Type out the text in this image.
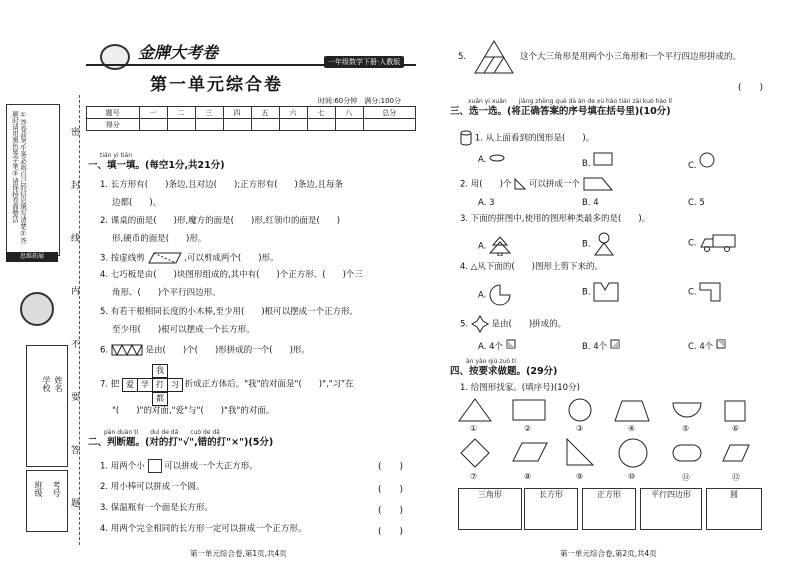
①答卷前考生务必将自己的信息填写清楚②答题时请用黑色签字笔③请保持卷面整洁
思维拓展
学校 姓名
班级 考号
密
封
线
内
不
要
答
题
金牌大考卷	一年级数学下册·人教版
第一单元综合卷
时间:60分钟　满分:100分
题号	一	二	三	四	五	六	七	八	总分
得分									
tián yi tián
一、填一填。(每空1分,共21分)
1. 长方形有(　　)条边,且对边(　　);正方形有(　　)条边,且每条
边都(　　)。
2. 课桌的面是(　　)形,魔方的面是(　　)形,红领巾的面是(　　)
形,硬币的面是(　　)形。
3. 按虚线剪	,可以剪成两个(　　)形。
4. 七巧板是由(　　)块图形组成的,其中有(　　)个正方形、(　　)个三
角形、(　　)个平行四边形。
5. 有若干根相同长度的小木棒,至少用(　　)根可以摆成一个正方形,
至少用(　　)根可以摆成一个长方形。
6.	是由(　　)个(　　)形拼成的一个(　　)形。
7. 把 爱 学 打 习
我
都
折成正方体后。"我"的对面是"(　　)","习"在
"(　　)"的对面,"爱"与"(　　)"我"的对面。
pàn duàn tí　　duì de dǎ　　cuò de dǎ
二、判断题。(对的打"√",错的打"×")(5分)
1. 用两个小 可以拼成一个大正方形。	(　　)
2. 用小棒可以拼成一个圆。	(　　)
3. 保温瓶有一个面是长方形。	(　　)
4. 用两个完全相同的长方形一定可以拼成一个正方形。	(　　)
第一单元综合卷,第1页,共4页	第一单元综合卷,第2页,共4页
5.	这个大三角形是用两个小三角形和一个平行四边形拼成的。
(　　)
xuǎn yi xuǎn　　jiāng zhèng què dá àn de xù hào tián zài kuò hào lǐ
三、选一选。(将正确答案的序号填在括号里)(10分)
1. 从上面看到的图形是(　　)。
A.	B.	C.
2. 用(　　)个 可以拼成一个
A. 3	B. 4	C. 5
3. 下面的拼图中,使用的图形种类最多的是(　　)。
A.	B.	C.
4. △从下面的(　　)图形上剪下来的。
A.	B.	C.
5.	是由(　　)拼成的。
A. 4个	B. 4个	C. 4个
àn yāo qiú zuò tí
四、按要求做题。(29分)
1. 给图形找家。(填序号)(10分)
①	②	③	④	⑤	⑥
⑦	⑧	⑨	⑩	⑪	⑫
三角形	长方形	正方形	平行四边形	圆
